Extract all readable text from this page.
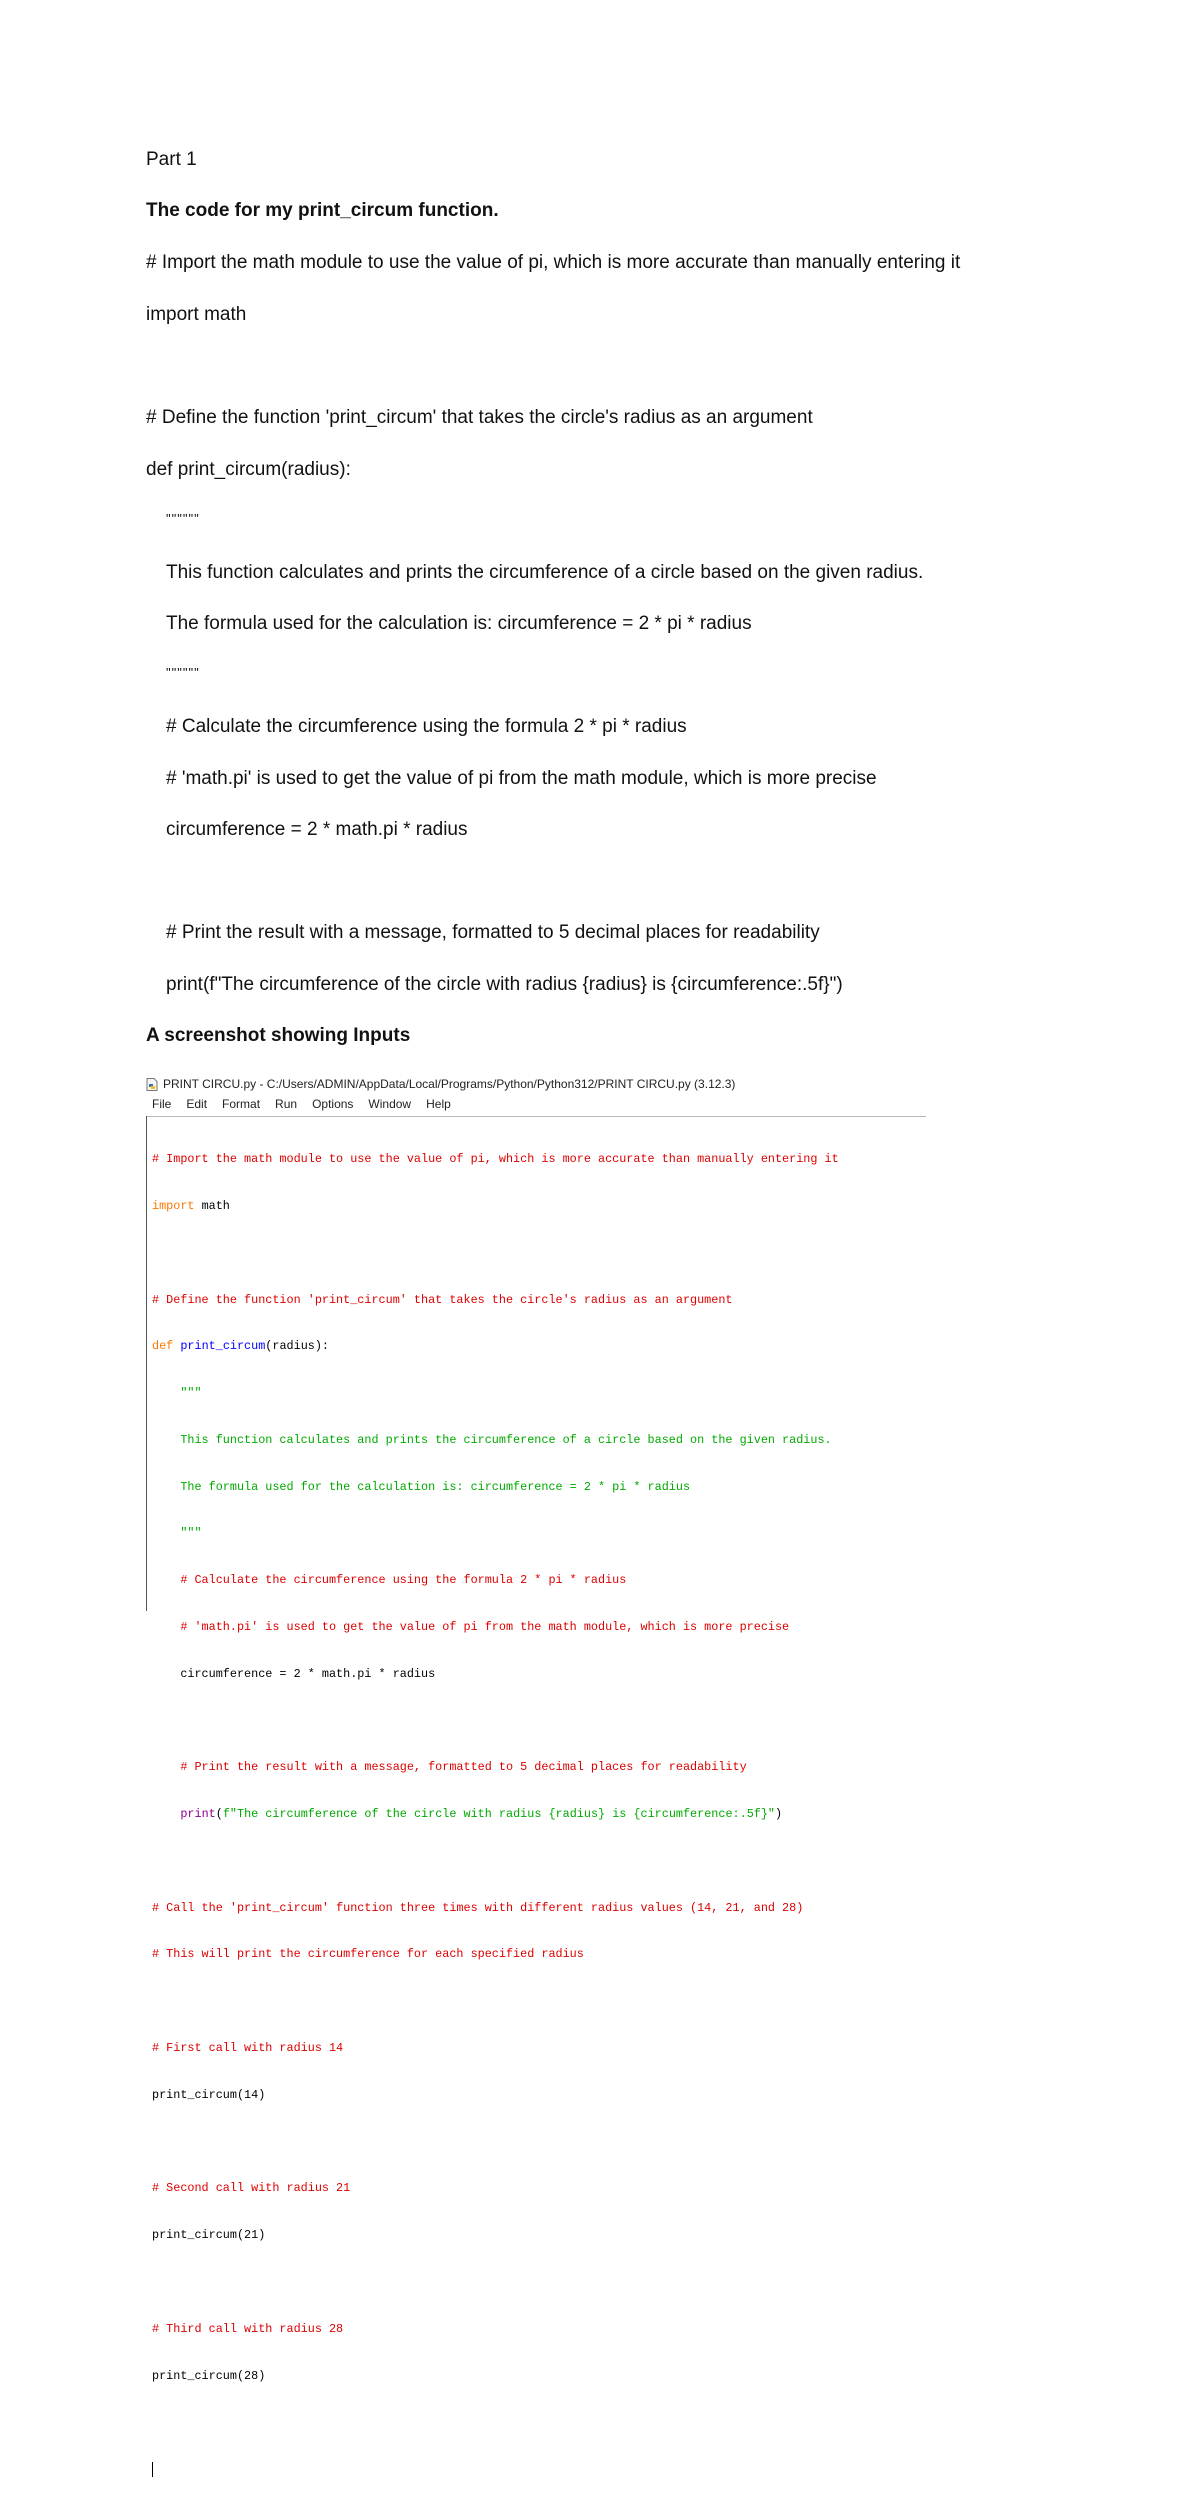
Part 1
The code for my print_circum function.
# Import the math module to use the value of pi, which is more accurate than manually entering it
import math
# Define the function 'print_circum' that takes the circle's radius as an argument
def print_circum(radius):
""""""
This function calculates and prints the circumference of a circle based on the given radius.
The formula used for the calculation is: circumference = 2 * pi * radius
""""""
# Calculate the circumference using the formula 2 * pi * radius
# 'math.pi' is used to get the value of pi from the math module, which is more precise
circumference = 2 * math.pi * radius
# Print the result with a message, formatted to 5 decimal places for readability
print(f"The circumference of the circle with radius {radius} is {circumference:.5f}")
A screenshot showing Inputs
PRINT CIRCU.py - C:/Users/ADMIN/AppData/Local/Programs/Python/Python312/PRINT CIRCU.py (3.12.3)
File Edit Format Run Options Window Help

# Import the math module to use the value of pi, which is more accurate than manually entering it

import math

# Define the function 'print_circum' that takes the circle's radius as an argument

def print_circum(radius):

"""

This function calculates and prints the circumference of a circle based on the given radius.

The formula used for the calculation is: circumference = 2 * pi * radius

"""

# Calculate the circumference using the formula 2 * pi * radius

# 'math.pi' is used to get the value of pi from the math module, which is more precise

circumference = 2 * math.pi * radius

# Print the result with a message, formatted to 5 decimal places for readability

print(f"The circumference of the circle with radius {radius} is {circumference:.5f}")

# Call the 'print_circum' function three times with different radius values (14, 21, and 28)

# This will print the circumference for each specified radius

# First call with radius 14

print_circum(14)

# Second call with radius 21

print_circum(21)

# Third call with radius 28

print_circum(28)
